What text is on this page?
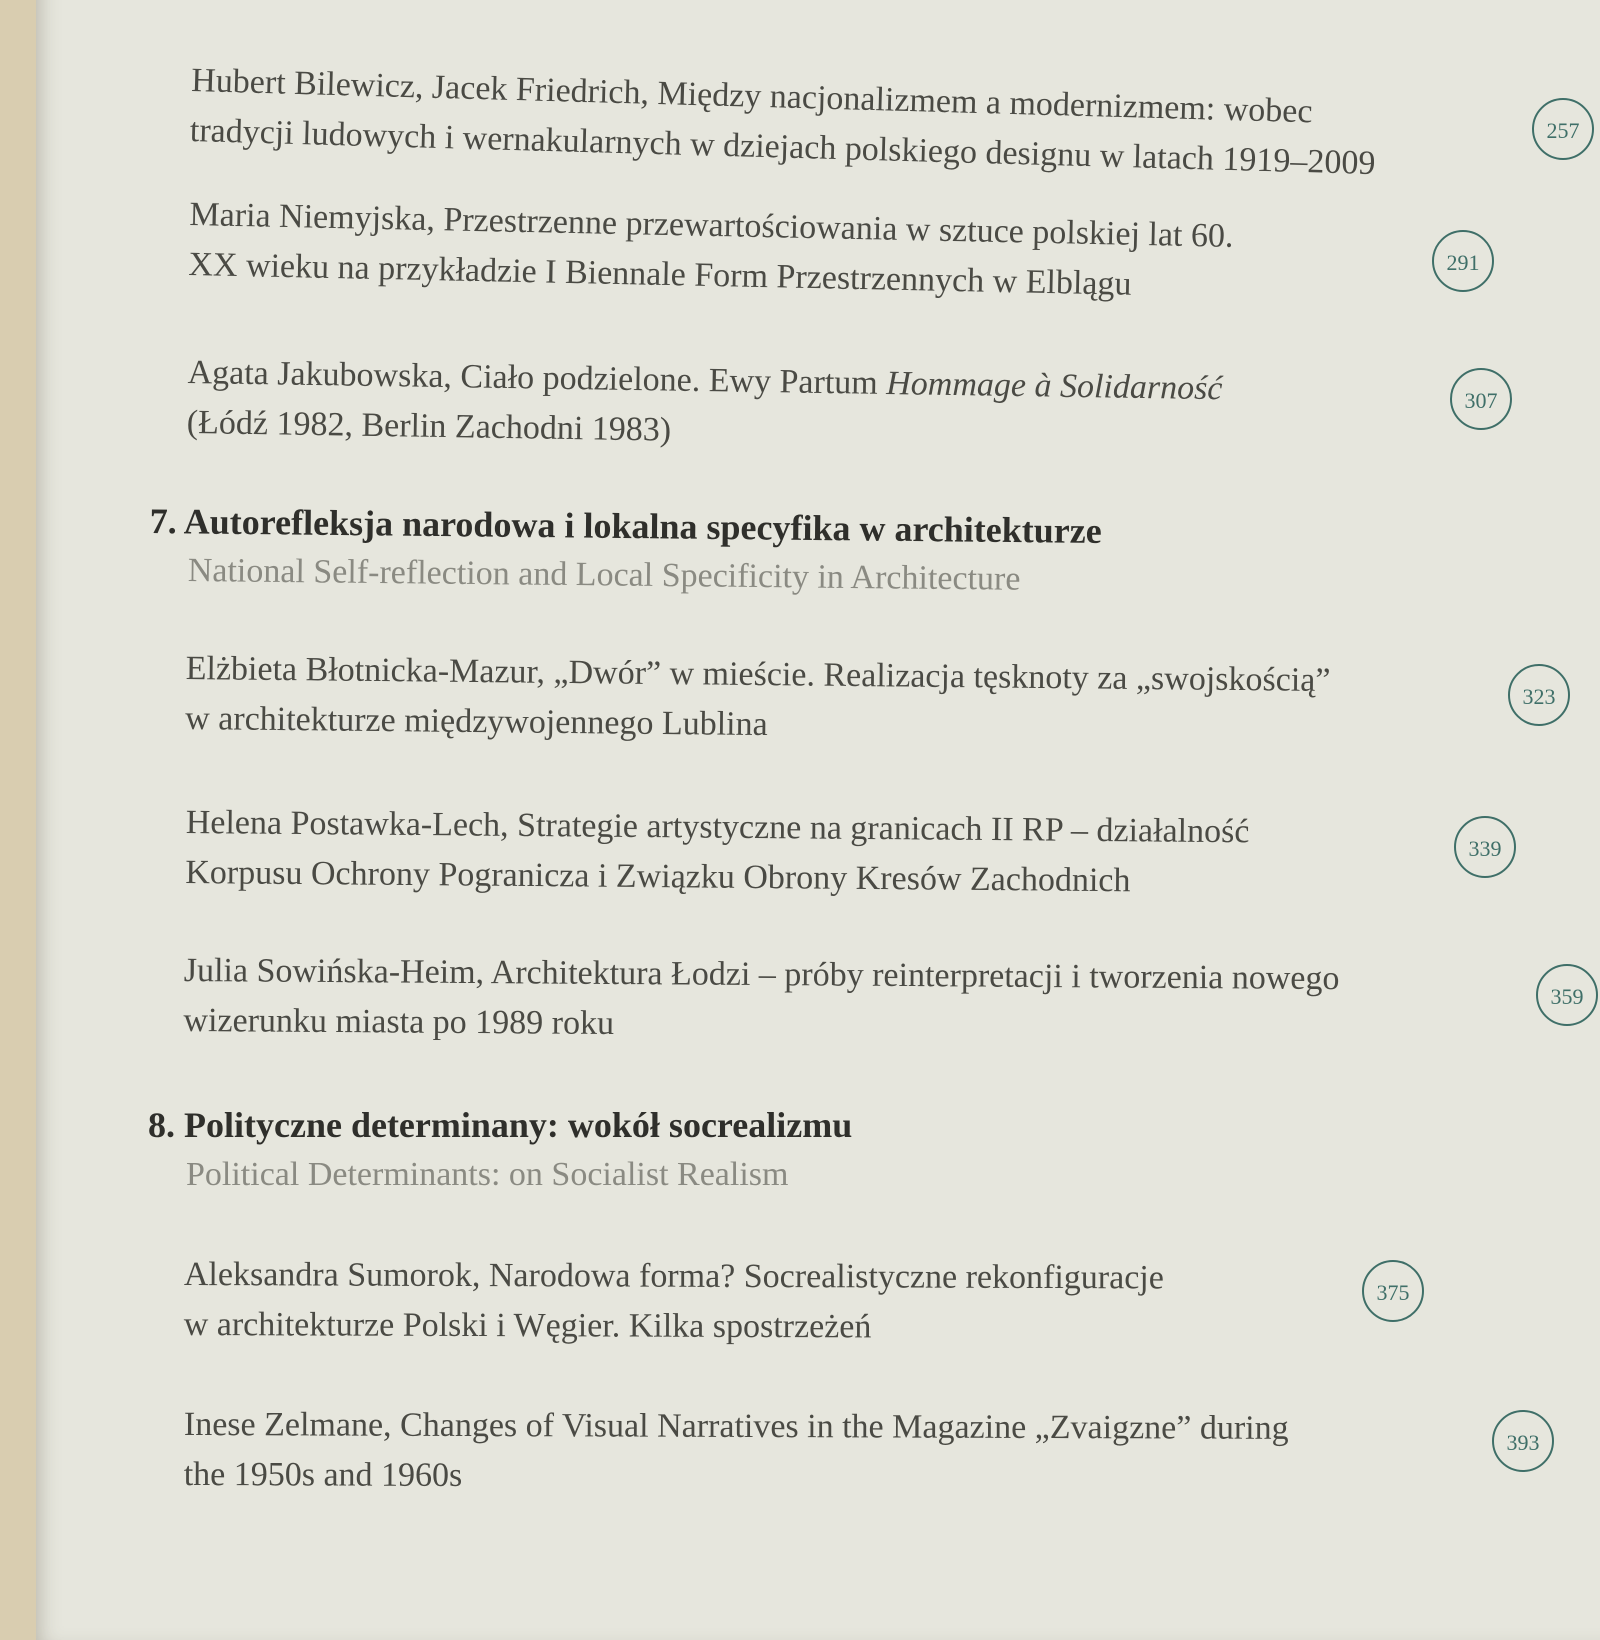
Hubert Bilewicz, Jacek Friedrich, Między nacjonalizmem a modernizmem: wobec
tradycji ludowych i wernakularnych w dziejach polskiego designu w latach 1919–2009	257
Maria Niemyjska, Przestrzenne przewartościowania w sztuce polskiej lat 60.
XX wieku na przykładzie I Biennale Form Przestrzennych w Elblągu	291
Agata Jakubowska, Ciało podzielone. Ewy Partum Hommage à Solidarność
(Łódź 1982, Berlin Zachodni 1983)
307
7. Autorefleksja narodowa i lokalna specyfika w architekturze
National Self-reflection and Local Specificity in Architecture
Elżbieta Błotnicka-Mazur, „Dwór” w mieście. Realizacja tęsknoty za „swojskością”
w architekturze międzywojennego Lublina
323
Helena Postawka-Lech, Strategie artystyczne na granicach II RP – działalność
Korpusu Ochrony Pogranicza i Związku Obrony Kresów Zachodnich
339
Julia Sowińska-Heim, Architektura Łodzi – próby reinterpretacji i tworzenia nowego
wizerunku miasta po 1989 roku
359
8. Polityczne determinany: wokół socrealizmu
Political Determinants: on Socialist Realism
Aleksandra Sumorok, Narodowa forma? Socrealistyczne rekonfiguracje
w architekturze Polski i Węgier. Kilka spostrzeżeń
375
Inese Zelmane, Changes of Visual Narratives in the Magazine „Zvaigzne” during
the 1950s and 1960s
393
